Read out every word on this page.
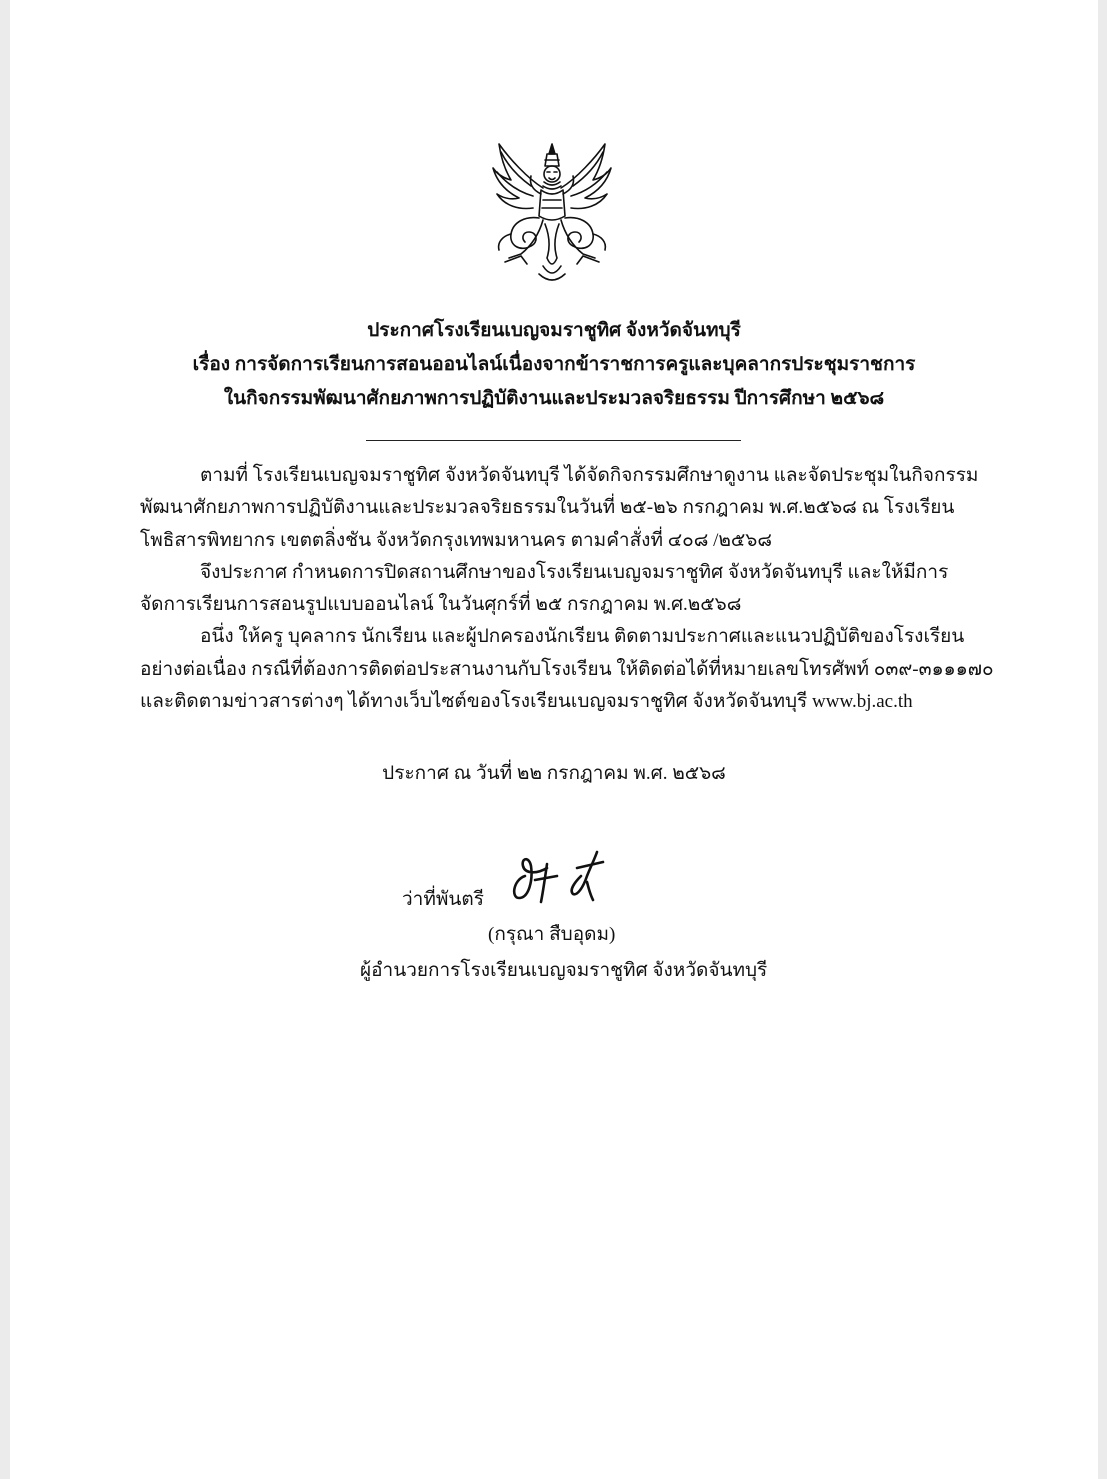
ประกาศโรงเรียนเบญจมราชูทิศ จังหวัดจันทบุรี
เรื่อง การจัดการเรียนการสอนออนไลน์เนื่องจากข้าราชการครูและบุคลากรประชุมราชการ
ในกิจกรรมพัฒนาศักยภาพการปฏิบัติงานและประมวลจริยธรรม ปีการศึกษา ๒๕๖๘
ตามที่ โรงเรียนเบญจมราชูทิศ จังหวัดจันทบุรี ได้จัดกิจกรรมศึกษาดูงาน และจัดประชุมในกิจกรรม
พัฒนาศักยภาพการปฏิบัติงานและประมวลจริยธรรมในวันที่ ๒๕-๒๖ กรกฎาคม พ.ศ.๒๕๖๘ ณ โรงเรียน
โพธิสารพิทยากร เขตตลิ่งชัน จังหวัดกรุงเทพมหานคร ตามคำสั่งที่ ๔๐๘ /๒๕๖๘
จึงประกาศ กำหนดการปิดสถานศึกษาของโรงเรียนเบญจมราชูทิศ จังหวัดจันทบุรี และให้มีการ
จัดการเรียนการสอนรูปแบบออนไลน์ ในวันศุกร์ที่ ๒๕ กรกฎาคม พ.ศ.๒๕๖๘
อนึ่ง ให้ครู บุคลากร นักเรียน และผู้ปกครองนักเรียน ติดตามประกาศและแนวปฏิบัติของโรงเรียน
อย่างต่อเนื่อง กรณีที่ต้องการติดต่อประสานงานกับโรงเรียน ให้ติดต่อได้ที่หมายเลขโทรศัพท์ ๐๓๙-๓๑๑๑๗๐
และติดตามข่าวสารต่างๆ ได้ทางเว็บไซต์ของโรงเรียนเบญจมราชูทิศ จังหวัดจันทบุรี www.bj.ac.th
ประกาศ ณ วันที่ ๒๒ กรกฎาคม พ.ศ. ๒๕๖๘
ว่าที่พันตรี
(กรุณา สืบอุดม)
ผู้อำนวยการโรงเรียนเบญจมราชูทิศ จังหวัดจันทบุรี
